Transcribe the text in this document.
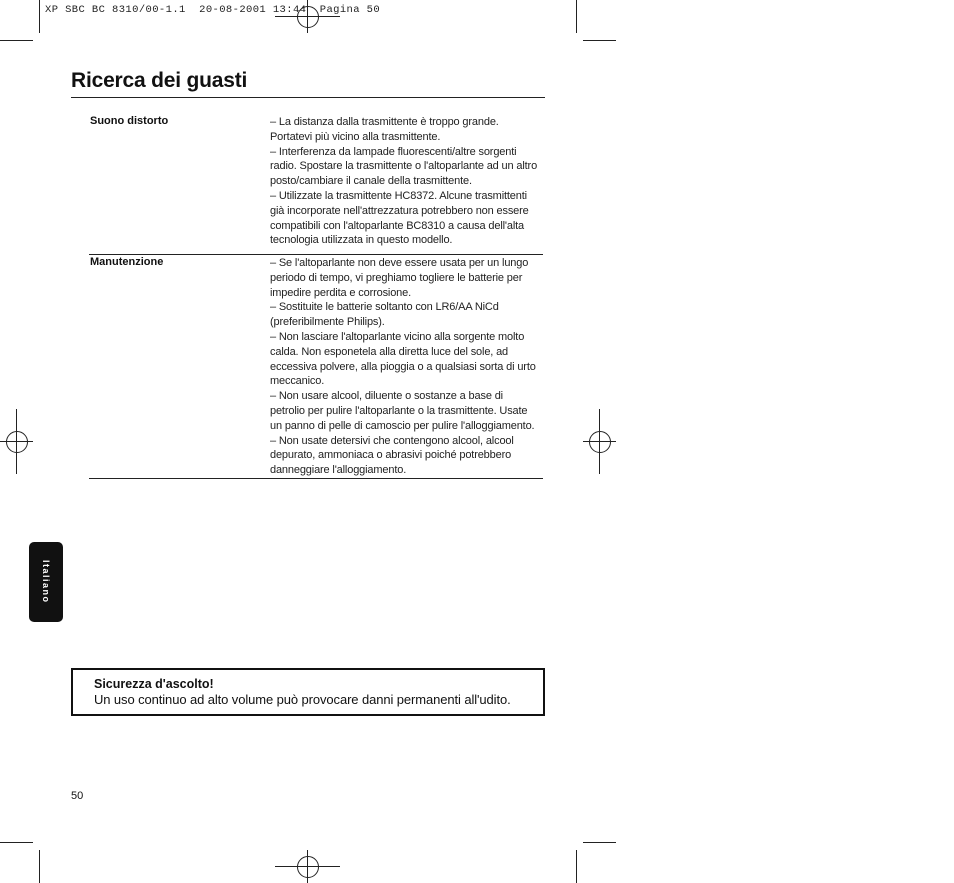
XP SBC BC 8310/00-1.1  20-08-2001 13:44  Pagina 50
Ricerca dei guasti
Suono distorto	– La distanza dalla trasmittente è troppo grande.

Portatevi più vicino alla trasmittente.

– Interferenza da lampade fluorescenti/altre sorgenti

radio. Spostare la trasmittente o l'altoparlante ad un altro

posto/cambiare il canale della trasmittente.

– Utilizzate la trasmittente HC8372. Alcune trasmittenti

già incorporate nell'attrezzatura potrebbero non essere

compatibili con l'altoparlante BC8310 a causa dell'alta

tecnologia utilizzata in questo modello.

Manutenzione	– Se l'altoparlante non deve essere usata per un lungo

periodo di tempo, vi preghiamo togliere le batterie per

impedire perdita e corrosione.

– Sostituite le batterie soltanto con LR6/AA NiCd

(preferibilmente Philips).

– Non lasciare l'altoparlante vicino alla sorgente molto

calda. Non esponetela alla diretta luce del sole, ad

eccessiva polvere, alla pioggia o a qualsiasi sorta di urto

meccanico.

– Non usare alcool, diluente o sostanze a base di

petrolio per pulire l'altoparlante o la trasmittente. Usate

un panno di pelle di camoscio per pulire l'alloggiamento.

– Non usate detersivi che contengono alcool, alcool

depurato, ammoniaca o abrasivi poiché potrebbero

danneggiare l'alloggiamento.

Italiano
Sicurezza d'ascolto!
Un uso continuo ad alto volume può provocare danni permanenti all'udito.
50
